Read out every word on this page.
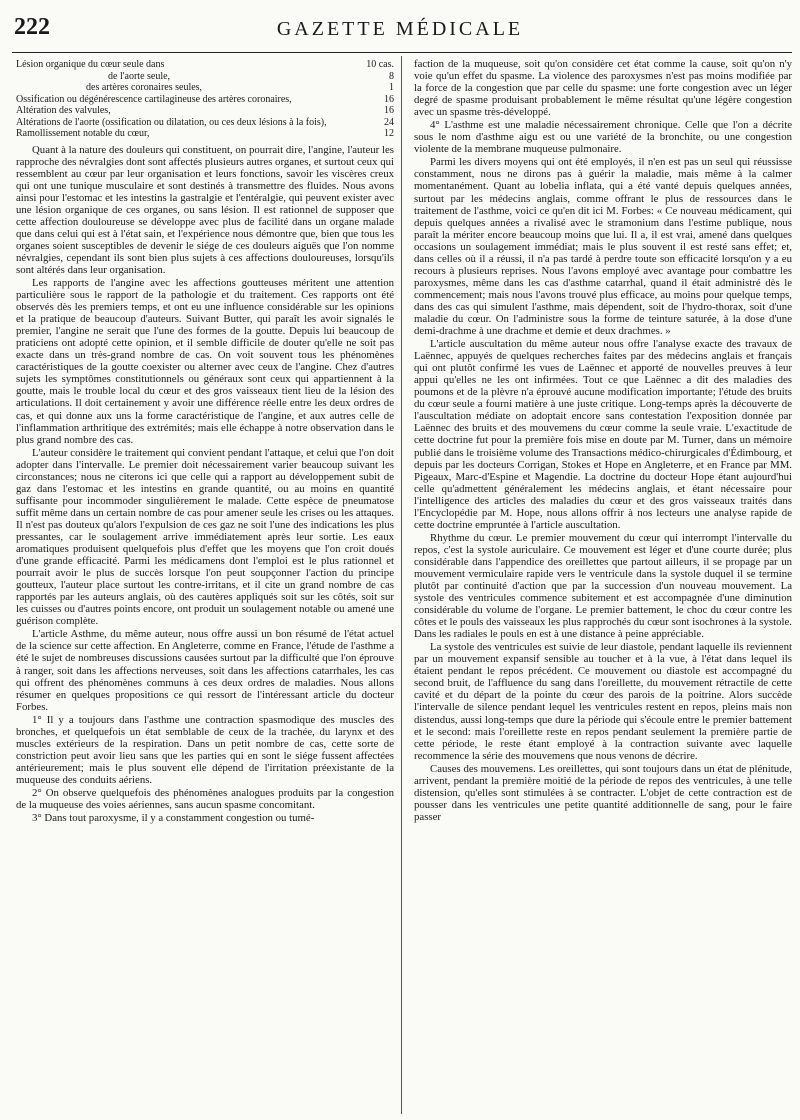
222	GAZETTE MÉDICALE
Lésion organique du cœur seule dans	10 cas.
de l'aorte seule,	8
des artères coronaires seules,	1
Ossification ou dégénérescence cartilagineuse des artères coronaires,	16
Altération des valvules,	16
Altérations de l'aorte (ossification ou dilatation, ou ces deux lésions à la fois),	24
Ramollissement notable du cœur,	12

Quant à la nature des douleurs qui constituent, on pourrait dire, l'angine, l'auteur les rapproche des névralgies dont sont affectés plusieurs autres organes, et surtout ceux qui ressemblent au cœur par leur organisation et leurs fonctions, savoir les viscères creux qui ont une tunique musculaire et sont destinés à transmettre des fluides. Nous avons ainsi pour l'estomac et les intestins la gastralgie et l'entéralgie, qui peuvent exister avec une lésion organique de ces organes, ou sans lésion. Il est rationnel de supposer que cette affection douloureuse se développe avec plus de facilité dans un organe malade que dans celui qui est à l'état sain, et l'expérience nous démontre que, bien que tous les organes soient susceptibles de devenir le siége de ces douleurs aiguës que l'on nomme névralgies, cependant ils sont bien plus sujets à ces affections douloureuses, lorsqu'ils sont altérés dans leur organisation.

Les rapports de l'angine avec les affections goutteuses méritent une attention particulière sous le rapport de la pathologie et du traitement. Ces rapports ont été observés dès les premiers temps, et ont eu une influence considérable sur les opinions et la pratique de beaucoup d'auteurs. Suivant Butter, qui paraît les avoir signalés le premier, l'angine ne serait que l'une des formes de la goutte. Depuis lui beaucoup de praticiens ont adopté cette opinion, et il semble difficile de douter qu'elle ne soit pas exacte dans un très-grand nombre de cas. On voit souvent tous les phénomènes caractéristiques de la goutte coexister ou alterner avec ceux de l'angine. Chez d'autres sujets les symptômes constitutionnels ou généraux sont ceux qui appartiennent à la goutte, mais le trouble local du cœur et des gros vaisseaux tient lieu de la lésion des articulations. Il doit certainement y avoir une différence réelle entre les deux ordres de cas, et qui donne aux uns la forme caractéristique de l'angine, et aux autres celle de l'inflammation arthritique des extrémités; mais elle échappe à notre observation dans le plus grand nombre des cas.

L'auteur considère le traitement qui convient pendant l'attaque, et celui que l'on doit adopter dans l'intervalle. Le premier doit nécessairement varier beaucoup suivant les circonstances; nous ne citerons ici que celle qui a rapport au développement subit de gaz dans l'estomac et les intestins en grande quantité, ou au moins en quantité suffisante pour incommoder singulièrement le malade. Cette espèce de pneumatose suffit même dans un certain nombre de cas pour amener seule les crises ou les attaques. Il n'est pas douteux qu'alors l'expulsion de ces gaz ne soit l'une des indications les plus pressantes, car le soulagement arrive immédiatement après leur sortie. Les eaux aromatiques produisent quelquefois plus d'effet que les moyens que l'on croit doués d'une grande efficacité. Parmi les médicamens dont l'emploi est le plus rationnel et pourrait avoir le plus de succès lorsque l'on peut soupçonner l'action du principe goutteux, l'auteur place surtout les contre-irritans, et il cite un grand nombre de cas rapportés par les auteurs anglais, où des cautères appliqués soit sur les côtés, soit sur les cuisses ou d'autres points encore, ont produit un soulagement notable ou amené une guérison complète.

L'article Asthme, du même auteur, nous offre aussi un bon résumé de l'état actuel de la science sur cette affection. En Angleterre, comme en France, l'étude de l'asthme a été le sujet de nombreuses discussions causées surtout par la difficulté que l'on éprouve à ranger, soit dans les affections nerveuses, soit dans les affections catarrhales, les cas qui offrent des phénomènes communs à ces deux ordres de maladies. Nous allons résumer en quelques propositions ce qui ressort de l'intéressant article du docteur Forbes.

1° Il y a toujours dans l'asthme une contraction spasmodique des muscles des bronches, et quelquefois un état semblable de ceux de la trachée, du larynx et des muscles extérieurs de la respiration. Dans un petit nombre de cas, cette sorte de constriction peut avoir lieu sans que les parties qui en sont le siége fussent affectées antérieurement; mais le plus souvent elle dépend de l'irritation préexistante de la muqueuse des conduits aériens.

2° On observe quelquefois des phénomènes analogues produits par la congestion de la muqueuse des voies aériennes, sans aucun spasme concomitant.

3° Dans tout paroxysme, il y a constamment congestion ou tumé-

faction de la muqueuse, soit qu'on considère cet état comme la cause, soit qu'on n'y voie qu'un effet du spasme. La violence des paroxysmes n'est pas moins modifiée par la force de la congestion que par celle du spasme: une forte congestion avec un léger degré de spasme produisant probablement le même résultat qu'une légère congestion avec un spasme très-développé.

4° L'asthme est une maladie nécessairement chronique. Celle que l'on a décrite sous le nom d'asthme aigu est ou une variété de la bronchite, ou une congestion violente de la membrane muqueuse pulmonaire.

Parmi les divers moyens qui ont été employés, il n'en est pas un seul qui réussisse constamment, nous ne dirons pas à guérir la maladie, mais même à la calmer momentanément. Quant au lobelia inflata, qui a été vanté depuis quelques années, surtout par les médecins anglais, comme offrant le plus de ressources dans le traitement de l'asthme, voici ce qu'en dit ici M. Forbes: « Ce nouveau médicament, qui depuis quelques années a rivalisé avec le stramonium dans l'estime publique, nous paraît la mériter encore beaucoup moins que lui. Il a, il est vrai, amené dans quelques occasions un soulagement immédiat; mais le plus souvent il est resté sans effet; et, dans celles où il a réussi, il n'a pas tardé à perdre toute son efficacité lorsqu'on y a eu recours à plusieurs reprises. Nous l'avons employé avec avantage pour combattre les paroxysmes, même dans les cas d'asthme catarrhal, quand il était administré dès le commencement; mais nous l'avons trouvé plus efficace, au moins pour quelque temps, dans des cas qui simulent l'asthme, mais dépendent, soit de l'hydro-thorax, soit d'une maladie du cœur. On l'administre sous la forme de teinture saturée, à la dose d'une demi-drachme à une drachme et demie et deux drachmes. »

L'article auscultation du même auteur nous offre l'analyse exacte des travaux de Laënnec, appuyés de quelques recherches faites par des médecins anglais et français qui ont plutôt confirmé les vues de Laënnec et apporté de nouvelles preuves à leur appui qu'elles ne les ont infirmées. Tout ce que Laënnec a dit des maladies des poumons et de la plèvre n'a éprouvé aucune modification importante; l'étude des bruits du cœur seule a fourni matière à une juste critique. Long-temps après la découverte de l'auscultation médiate on adoptait encore sans contestation l'exposition donnée par Laënnec des bruits et des mouvemens du cœur comme la seule vraie. L'exactitude de cette doctrine fut pour la première fois mise en doute par M. Turner, dans un mémoire publié dans le troisième volume des Transactions médico-chirurgicales d'Édimbourg, et depuis par les docteurs Corrigan, Stokes et Hope en Angleterre, et en France par MM. Pigeaux, Marc-d'Espine et Magendie. La doctrine du docteur Hope étant aujourd'hui celle qu'admettent généralement les médecins anglais, et étant nécessaire pour l'intelligence des articles des maladies du cœur et des gros vaisseaux traités dans l'Encyclopédie par M. Hope, nous allons offrir à nos lecteurs une analyse rapide de cette doctrine empruntée à l'article auscultation.

Rhythme du cœur. Le premier mouvement du cœur qui interrompt l'intervalle du repos, c'est la systole auriculaire. Ce mouvement est léger et d'une courte durée; plus considérable dans l'appendice des oreillettes que partout ailleurs, il se propage par un mouvement vermiculaire rapide vers le ventricule dans la systole duquel il se termine plutôt par continuité d'action que par la succession d'un nouveau mouvement. La systole des ventricules commence subitement et est accompagnée d'une diminution considérable du volume de l'organe. Le premier battement, le choc du cœur contre les côtes et le pouls des vaisseaux les plus rapprochés du cœur sont isochrones à la systole. Dans les radiales le pouls en est à une distance à peine appréciable.

La systole des ventricules est suivie de leur diastole, pendant laquelle ils reviennent par un mouvement expansif sensible au toucher et à la vue, à l'état dans lequel ils étaient pendant le repos précédent. Ce mouvement ou diastole est accompagné du second bruit, de l'affluence du sang dans l'oreillette, du mouvement rétractile de cette cavité et du départ de la pointe du cœur des parois de la poitrine. Alors succède l'intervalle de silence pendant lequel les ventricules restent en repos, pleins mais non distendus, aussi long-temps que dure la période qui s'écoule entre le premier battement et le second: mais l'oreillette reste en repos pendant seulement la première partie de cette période, le reste étant employé à la contraction suivante avec laquelle recommence la série des mouvemens que nous venons de décrire.

Causes des mouvemens. Les oreillettes, qui sont toujours dans un état de plénitude, arrivent, pendant la première moitié de la période de repos des ventricules, à une telle distension, qu'elles sont stimulées à se contracter. L'objet de cette contraction est de pousser dans les ventricules une petite quantité additionnelle de sang, pour le faire passer
